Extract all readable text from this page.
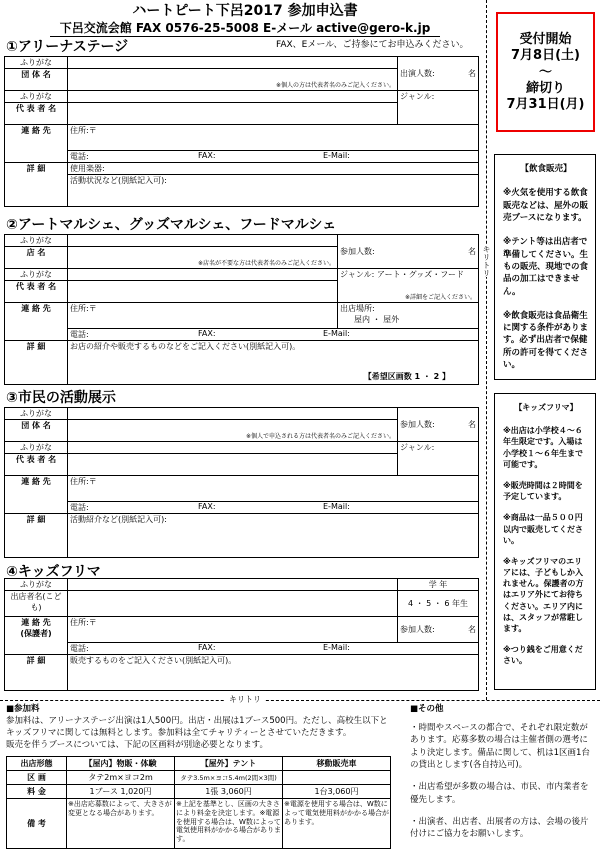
ハートピート下呂2017 参加申込書
下呂交流会館 FAX 0576-25-5008 E-メール active@gero-k.jp
①アリーナステージ	FAX、Eメール、ご持参にてお申込みください。
ふりがな		出演人数: 名

団 体 名	※個人の方は代表者名のみご記入ください。	

ふりがな		ジャンル:
代 表 者 名		
連 絡 先	住所:〒	
	電話: FAX: E-Mail:	

詳 細	使用楽器:	
	活動状況など(別紙記入可):	
②アートマルシェ、グッズマルシェ、フードマルシェ
ふりがな		参加人数: 名

店 名	※店名が不要な方は代表者名のみご記入ください。	

ふりがな		ジャンル: アート・グッズ・フード
※詳細をご記入ください。

代 表 者 名		
連 絡 先	住所:〒	出店場所:
屋内 ・ 屋外
	電話: FAX: E-Mail:	

詳 細	お店の紹介や販売するものなどをご記入ください(別紙記入可)。
【希望区画数 1 ・ 2 】	
③市民の活動展示
ふりがな		参加人数: 名

団 体 名	※個人で申込される方は代表者名のみご記入ください。	

ふりがな		ジャンル:
代 表 者 名		
連 絡 先	住所:〒	
	電話: FAX: E-Mail:	

詳 細	活動紹介など(別紙記入可):	
④キッズフリマ
ふりがな		学 年
出店者名(こども)		4 ・ 5 ・ 6 年生
連 絡 先
(保護者)	住所:〒	参加人数: 名

	電話: FAX: E-Mail:	

詳 細	販売するものをご記入ください(別紙記入可)。	
キリトリ
キリトリ
受付開始
7月8日(土)
～
締切り
7月31日(月)
【飲食販売】

※火気を使用する飲食販売などは、屋外の販売ブースになります。

※テント等は出店者で準備してください。生もの販売、現地での食品の加工はできません。

※飲食販売は食品衛生に関する条件があります。必ず出店者で保健所の許可を得てください。

【キッズフリマ】

※出店は小学校４～６年生限定です。入場は小学校１～６年生まで可能です。

※販売時間は２時間を予定しています。

※商品は一品５００円以内で販売してください。

※キッズフリマのエリアには、子どもしか入れません。保護者の方はエリア外にてお待ちください。エリア内には、スタッフが常駐します。

※つり銭をご用意ください。

■参加料
参加料は、アリーナステージ出演は1人500円。出店・出展は1ブース500円。ただし、高校生以下と
キッズフリマに関しては無料とします。参加料は全てチャリティーとさせていただきます。
販売を伴うブースについては、下記の区画料が別途必要となります。
出店形態	【屋内】物販・体験	【屋外】テント	移動販売車
区 画	タテ2m×ヨコ2m	タテ3.5m×ヨコ5.4m(2間×3間)	
料 金	1ブース 1,020円	1張 3,060円	1台3,060円
備 考	※出店応募数によって、大きさが変更となる場合があります。	※上記を基準とし、区画の大きさにより料金を決定します。※電源を使用する場合は、W数によって電気使用料がかかる場合があります。	※電源を使用する場合は、W数によって電気使用料がかかる場合があります。
■その他
・時間やスペースの都合で、それぞれ限定数があります。応募多数の場合は主催者側の選考により決定します。備品に関して、机は1区画1台の貸出とします(各自持込可)。
・出店希望が多数の場合は、市民、市内業者を優先します。
・出演者、出店者、出展者の方は、会場の後片付けにご協力をお願いします。
